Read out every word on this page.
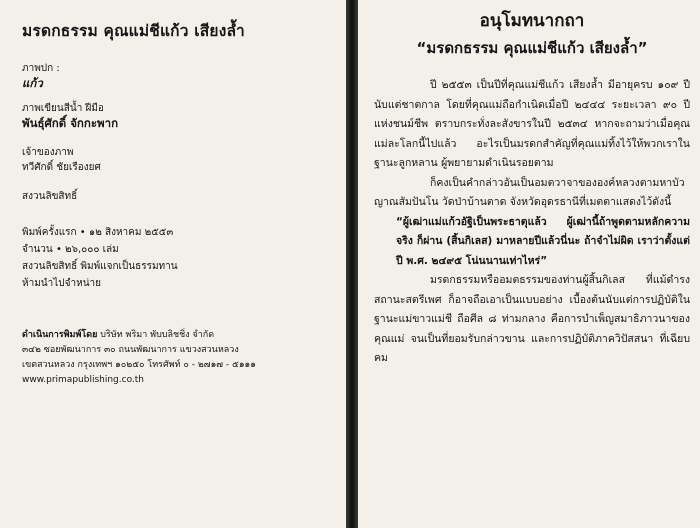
มรดกธรรม คุณแม่ชีแก้ว เสียงล้ำ
ภาพปก :
แก้ว
ภาพเขียนสีน้ำ ฝีมือ
พันธุ์ศักดิ์ จักกะพาก
เจ้าของภาพ
ทวีศักดิ์ ชัยเรืองยศ
สงวนลิขสิทธิ์
พิมพ์ครั้งแรก • ๑๒ สิงหาคม ๒๕๕๓
จำนวน • ๒๖,๐๐๐ เล่ม
สงวนลิขสิทธิ์ พิมพ์แจกเป็นธรรมทาน
ห้ามนำไปจำหน่าย
ดำเนินการพิมพ์โดย บริษัท พริมา พับบลิชชิ่ง จำกัด
๓๔๒ ซอยพัฒนาการ ๓๐ ถนนพัฒนาการ แขวงสวนหลวง
เขตสวนหลวง กรุงเทพฯ ๑๐๒๕๐ โทรศัพท์ ๐ - ๒๗๑๗ - ๕๑๑๑
www.primapublishing.co.th
อนุโมทนากถา
“มรดกธรรม คุณแม่ชีแก้ว เสียงล้ำ”

ปี ๒๕๕๓ เป็นปีที่คุณแม่ชีแก้ว เสียงล้ำ มีอายุครบ ๑๐๙ ปีนับแต่ชาตกาล โดยที่คุณแม่ถือกำเนิดเมื่อปี ๒๔๔๔ ระยะเวลา ๙๐ ปีแห่งชนม์ชีพ ตราบกระทั่งละสังขารในปี ๒๕๓๔ หากจะถามว่าเมื่อคุณแม่ละโลกนี้ไปแล้ว อะไรเป็นมรดกสำคัญที่คุณแม่ทิ้งไว้ให้พวกเราในฐานะลูกหลาน ผู้พยายามดำเนินรอยตาม

ก็คงเป็นคำกล่าวอันเป็นอมตวาจาขององค์หลวงตามหาบัว ญาณสัมปันโน วัดป่าบ้านตาด จังหวัดอุดรธานีที่เมตตาแสดงไว้ดังนี้

“ผู้เฒ่าแม่แก้วอัฐิเป็นพระธาตุแล้ว ผู้เฒ่านี้ถ้าพูดตามหลักความจริง ก็ผ่าน (สิ้นกิเลส) มาหลายปีแล้วนี่นะ ถ้าจำไม่ผิด เราว่าตั้งแต่ปี พ.ศ. ๒๔๙๕ โน่นนานเท่าไหร่”

มรดกธรรมหรืออมตธรรมของท่านผู้สิ้นกิเลส ที่แม้ดำรงสถานะสตรีเพศ ก็อาจถือเอาเป็นแบบอย่าง เบื้องต้นนับแต่การปฏิบัติในฐานะแม่ขาวแม่ชี ถือศีล ๘ ท่ามกลาง คือการบำเพ็ญสมาธิภาวนาของคุณแม่ จนเป็นที่ยอมรับกล่าวขาน และการปฏิบัติภาควิปัสสนา ที่เฉียบคม
